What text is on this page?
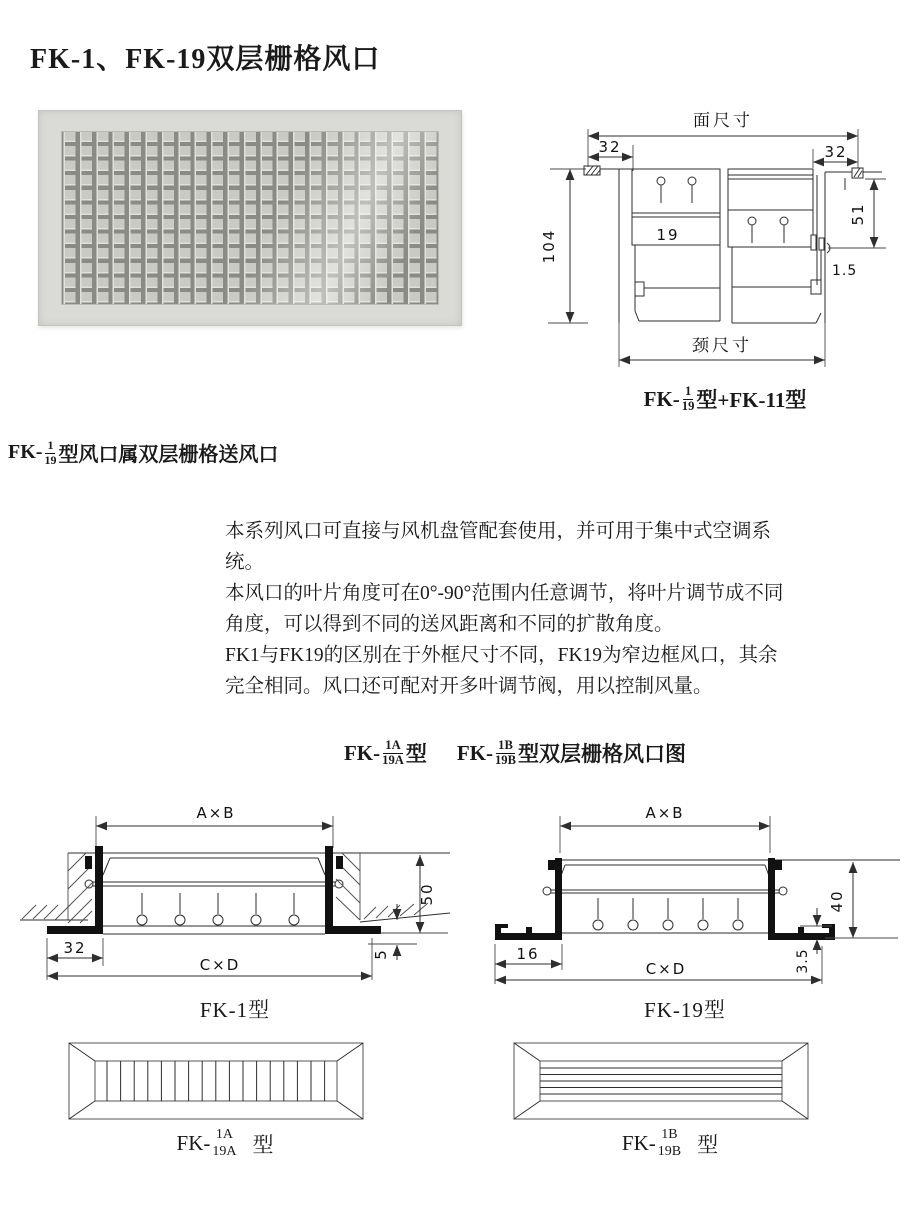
FK-1、FK-19双层栅格风口
面尺寸
32	32
104
51
1.5
19
颈尺寸
$FK- \frac{1}{19}$ 型+FK-11型
$FK- \frac{1}{19}$ 型风口属双层栅格送风口
本系列风口可直接与风机盘管配套使用，并可用于集中式空调系
统。
本风口的叶片角度可在0°-90°范围内任意调节，将叶片调节成不同
角度，可以得到不同的送风距离和不同的扩散角度。
FK1与FK19的区别在于外框尺寸不同，FK19为窄边框风口，其余
完全相同。风口还可配对开多叶调节阀，用以控制风量。
$FK- \frac{1A}{19A}$ 型 $FK- \frac{1B}{19B}$ 型双层栅格风口图
A×B
32
C×D
50
5
FK-1型
A×B
16
C×D
40
3.5
FK-19型
FK- 1A
19A 型	FK- 1B
19B 型
